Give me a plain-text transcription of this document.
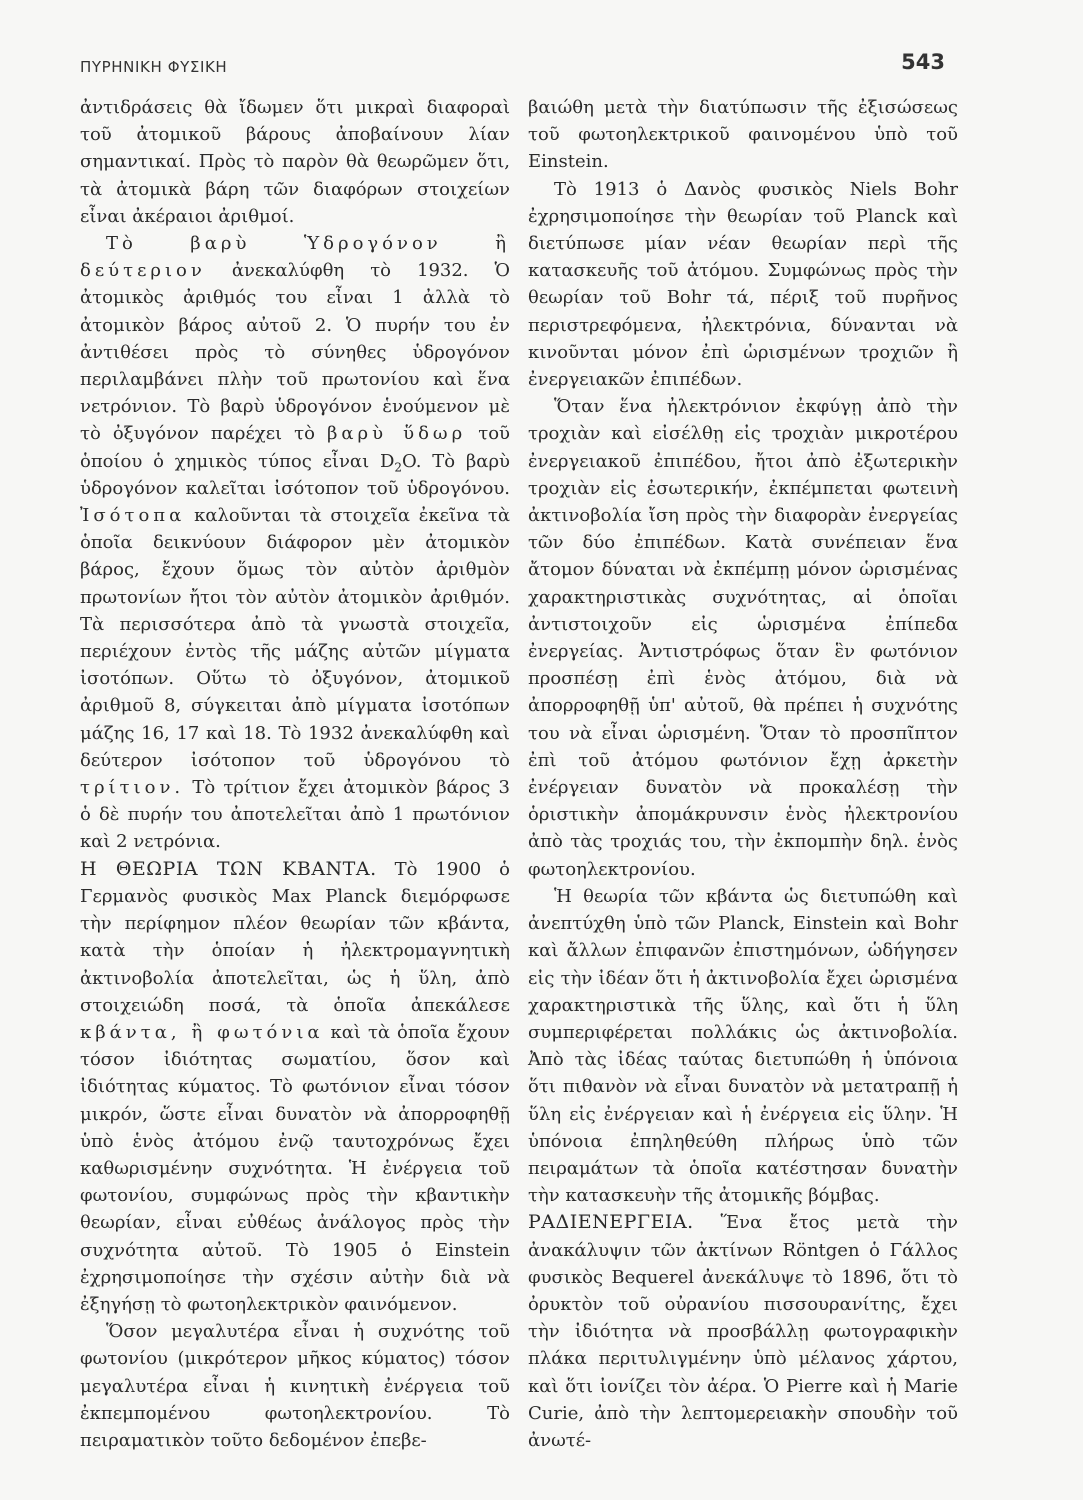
ΠΥΡΗΝΙΚΗ ΦΥΣΙΚΗ	543

ἀντιδράσεις θὰ ἴδωμεν ὅτι μικραὶ διαφοραὶ τοῦ ἀτομικοῦ βάρους ἀποβαίνουν λίαν σημαντικαί. Πρὸς τὸ παρὸν θὰ θεωρῶμεν ὅτι, τὰ ἀτομικὰ βάρη τῶν διαφόρων στοιχείων εἶναι ἀκέραιοι ἀριθμοί.

Τὸ βαρὺ Ὑδρογόνον ἢ δεύτεριον ἀνεκαλύφθη τὸ 1932. Ὁ ἀτομικὸς ἀριθμός του εἶναι 1 ἀλλὰ τὸ ἀτομικὸν βάρος αὐτοῦ 2. Ὁ πυρήν του ἐν ἀντιθέσει πρὸς τὸ σύνηθες ὑδρογόνον περιλαμβάνει πλὴν τοῦ πρωτονίου καὶ ἕνα νετρόνιον. Τὸ βαρὺ ὑδρογόνον ἑνούμενον μὲ τὸ ὀξυγόνον παρέχει τὸ βαρὺ ὕδωρ τοῦ ὁποίου ὁ χημικὸς τύπος εἶναι $D_2O$. Τὸ βαρὺ ὑδρογόνον καλεῖται ἰσότοπον τοῦ ὑδρογόνου. Ἰσότοπα καλοῦνται τὰ στοιχεῖα ἐκεῖνα τὰ ὁποῖα δεικνύουν διάφορον μὲν ἀτομικὸν βάρος, ἔχουν ὅμως τὸν αὐτὸν ἀριθμὸν πρωτονίων ἤτοι τὸν αὐτὸν ἀτομικὸν ἀριθμόν. Τὰ περισσότερα ἀπὸ τὰ γνωστὰ στοιχεῖα, περιέχουν ἐντὸς τῆς μάζης αὐτῶν μίγματα ἰσοτόπων. Οὕτω τὸ ὀξυγόνον, ἀτομικοῦ ἀριθμοῦ 8, σύγκειται ἀπὸ μίγματα ἰσοτόπων μάζης 16, 17 καὶ 18. Τὸ 1932 ἀνεκαλύφθη καὶ δεύτερον ἰσότοπον τοῦ ὑδρογόνου τὸ τρίτιον. Τὸ τρίτιον ἔχει ἀτομικὸν βάρος 3 ὁ δὲ πυρήν του ἀποτελεῖται ἀπὸ 1 πρωτόνιον καὶ 2 νετρόνια.

Η ΘΕΩΡΙΑ ΤΩΝ ΚΒΑΝΤΑ. Τὸ 1900 ὁ Γερμανὸς φυσικὸς Max Planck διεμόρφωσε τὴν περίφημον πλέον θεωρίαν τῶν κβάντα, κατὰ τὴν ὁποίαν ἡ ἠλεκτρομαγνητικὴ ἀκτινοβολία ἀποτελεῖται, ὡς ἡ ὕλη, ἀπὸ στοιχειώδη ποσά, τὰ ὁποῖα ἀπεκάλεσε κβάντα, ἢ φωτόνια καὶ τὰ ὁποῖα ἔχουν τόσον ἰδιότητας σωματίου, ὅσον καὶ ἰδιότητας κύματος. Τὸ φωτόνιον εἶναι τόσον μικρόν, ὥστε εἶναι δυνατὸν νὰ ἀπορροφηθῇ ὑπὸ ἑνὸς ἀτόμου ἐνῷ ταυτοχρόνως ἔχει καθωρισμένην συχνότητα. Ἡ ἐνέργεια τοῦ φωτονίου, συμφώνως πρὸς τὴν κβαντικὴν θεωρίαν, εἶναι εὐθέως ἀνάλογος πρὸς τὴν συχνότητα αὐτοῦ. Τὸ 1905 ὁ Einstein ἐχρησιμοποίησε τὴν σχέσιν αὐτὴν διὰ νὰ ἐξηγήσῃ τὸ φωτοηλεκτρικὸν φαινόμενον.

Ὅσον μεγαλυτέρα εἶναι ἡ συχνότης τοῦ φωτονίου (μικρότερον μῆκος κύματος) τόσον μεγαλυτέρα εἶναι ἡ κινητικὴ ἐνέργεια τοῦ ἐκπεμπομένου φωτοηλεκτρονίου. Τὸ πειραματικὸν τοῦτο δεδομένον ἐπεβε-

βαιώθη μετὰ τὴν διατύπωσιν τῆς ἐξισώσεως τοῦ φωτοηλεκτρικοῦ φαινομένου ὑπὸ τοῦ Einstein.

Τὸ 1913 ὁ Δανὸς φυσικὸς Niels Bohr ἐχρησιμοποίησε τὴν θεωρίαν τοῦ Planck καὶ διετύπωσε μίαν νέαν θεωρίαν περὶ τῆς κατασκευῆς τοῦ ἀτόμου. Συμφώνως πρὸς τὴν θεωρίαν τοῦ Bohr τά, πέριξ τοῦ πυρῆνος περιστρεφόμενα, ἠλεκτρόνια, δύνανται νὰ κινοῦνται μόνον ἐπὶ ὡρισμένων τροχιῶν ἢ ἐνεργειακῶν ἐπιπέδων.

Ὅταν ἕνα ἠλεκτρόνιον ἐκφύγῃ ἀπὸ τὴν τροχιὰν καὶ εἰσέλθῃ εἰς τροχιὰν μικροτέρου ἐνεργειακοῦ ἐπιπέδου, ἤτοι ἀπὸ ἐξωτερικὴν τροχιὰν εἰς ἐσωτερικήν, ἐκπέμπεται φωτεινὴ ἀκτινοβολία ἴση πρὸς τὴν διαφορὰν ἐνεργείας τῶν δύο ἐπιπέδων. Κατὰ συνέπειαν ἕνα ἄτομον δύναται νὰ ἐκπέμπῃ μόνον ὡρισμένας χαρακτηριστικὰς συχνότητας, αἱ ὁποῖαι ἀντιστοιχοῦν εἰς ὡρισμένα ἐπίπεδα ἐνεργείας. Ἀντιστρόφως ὅταν ἓν φωτόνιον προσπέσῃ ἐπὶ ἑνὸς ἀτόμου, διὰ νὰ ἀπορροφηθῇ ὑπ' αὐτοῦ, θὰ πρέπει ἡ συχνότης του νὰ εἶναι ὡρισμένη. Ὅταν τὸ προσπῖπτον ἐπὶ τοῦ ἀτόμου φωτόνιον ἔχῃ ἀρκετὴν ἐνέργειαν δυνατὸν νὰ προκαλέσῃ τὴν ὁριστικὴν ἀπομάκρυνσιν ἑνὸς ἠλεκτρονίου ἀπὸ τὰς τροχιάς του, τὴν ἐκπομπὴν δηλ. ἑνὸς φωτοηλεκτρονίου.

Ἡ θεωρία τῶν κβάντα ὡς διετυπώθη καὶ ἀνεπτύχθη ὑπὸ τῶν Planck, Einstein καὶ Bohr καὶ ἄλλων ἐπιφανῶν ἐπιστημόνων, ὡδήγησεν εἰς τὴν ἰδέαν ὅτι ἡ ἀκτινοβολία ἔχει ὡρισμένα χαρακτηριστικὰ τῆς ὕλης, καὶ ὅτι ἡ ὕλη συμπεριφέρεται πολλάκις ὡς ἀκτινοβολία. Ἀπὸ τὰς ἰδέας ταύτας διετυπώθη ἡ ὑπόνοια ὅτι πιθανὸν νὰ εἶναι δυνατὸν νὰ μετατραπῇ ἡ ὕλη εἰς ἐνέργειαν καὶ ἡ ἐνέργεια εἰς ὕλην. Ἡ ὑπόνοια ἐπηληθεύθη πλήρως ὑπὸ τῶν πειραμάτων τὰ ὁποῖα κατέστησαν δυνατὴν τὴν κατασκευὴν τῆς ἀτομικῆς βόμβας.

ΡΑΔΙΕΝΕΡΓΕΙΑ. Ἕνα ἔτος μετὰ τὴν ἀνακάλυψιν τῶν ἀκτίνων Röntgen ὁ Γάλλος φυσικὸς Bequerel ἀνεκάλυψε τὸ 1896, ὅτι τὸ ὀρυκτὸν τοῦ οὐρανίου πισσουρανίτης, ἔχει τὴν ἰδιότητα νὰ προσβάλλῃ φωτογραφικὴν πλάκα περιτυλιγμένην ὑπὸ μέλανος χάρτου, καὶ ὅτι ἰονίζει τὸν ἀέρα. Ὁ Pierre καὶ ἡ Marie Curie, ἀπὸ τὴν λεπτομερειακὴν σπουδὴν τοῦ ἀνωτέ-
